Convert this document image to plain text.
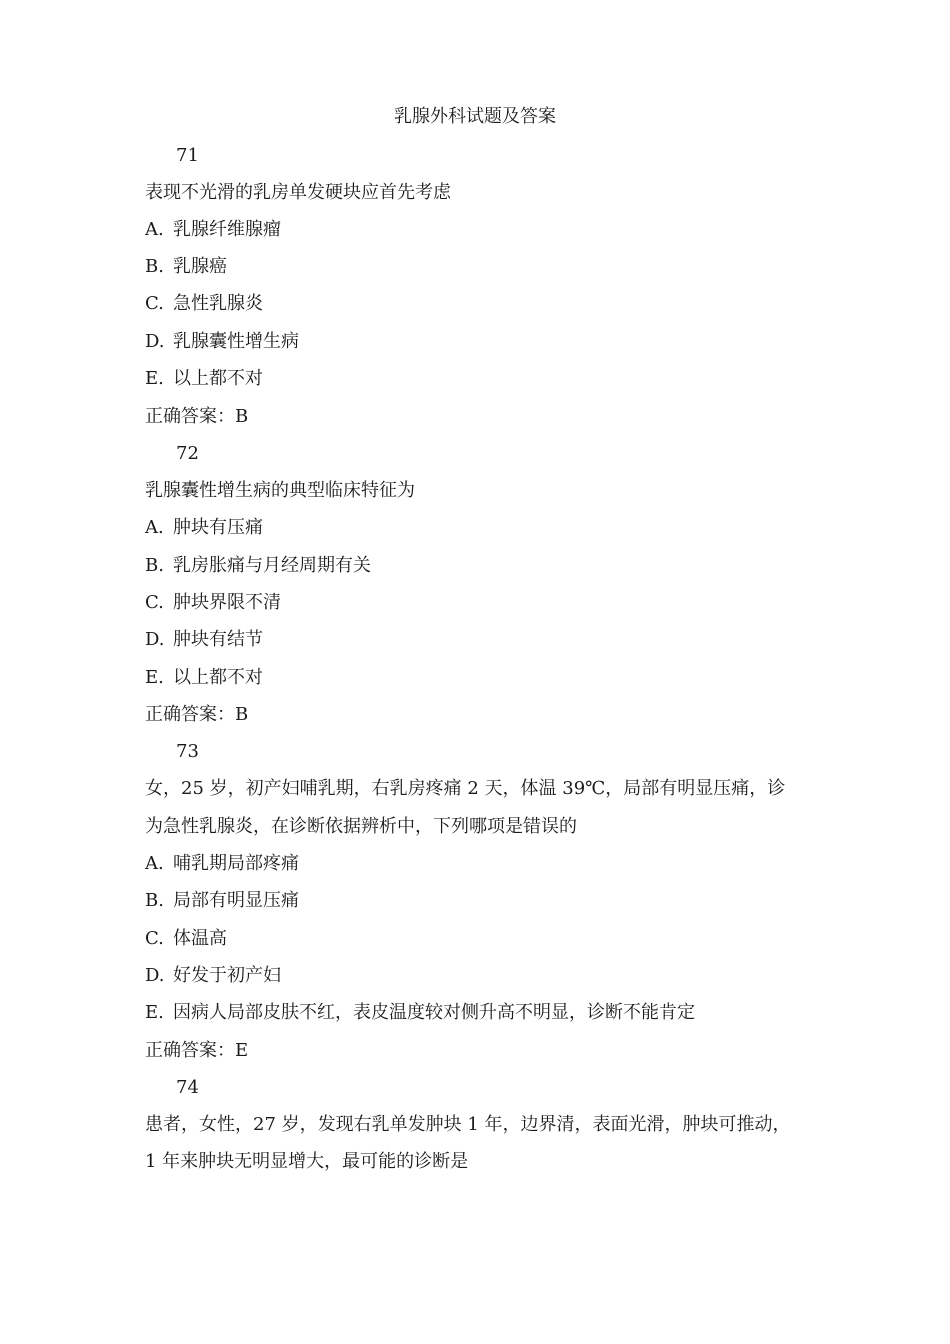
乳腺外科试题及答案
71
表现不光滑的乳房单发硬块应首先考虑
A. 乳腺纤维腺瘤
B. 乳腺癌
C. 急性乳腺炎
D. 乳腺囊性增生病
E. 以上都不对
正确答案：B
72
乳腺囊性增生病的典型临床特征为
A. 肿块有压痛
B. 乳房胀痛与月经周期有关
C. 肿块界限不清
D. 肿块有结节
E. 以上都不对
正确答案：B
73
女，25 岁，初产妇哺乳期，右乳房疼痛 2 天，体温 39℃，局部有明显压痛，诊
为急性乳腺炎，在诊断依据辨析中，下列哪项是错误的
A. 哺乳期局部疼痛
B. 局部有明显压痛
C. 体温高
D. 好发于初产妇
E. 因病人局部皮肤不红，表皮温度较对侧升高不明显，诊断不能肯定
正确答案：E
74
患者，女性，27 岁，发现右乳单发肿块 1 年，边界清，表面光滑，肿块可推动，
1 年来肿块无明显增大，最可能的诊断是
